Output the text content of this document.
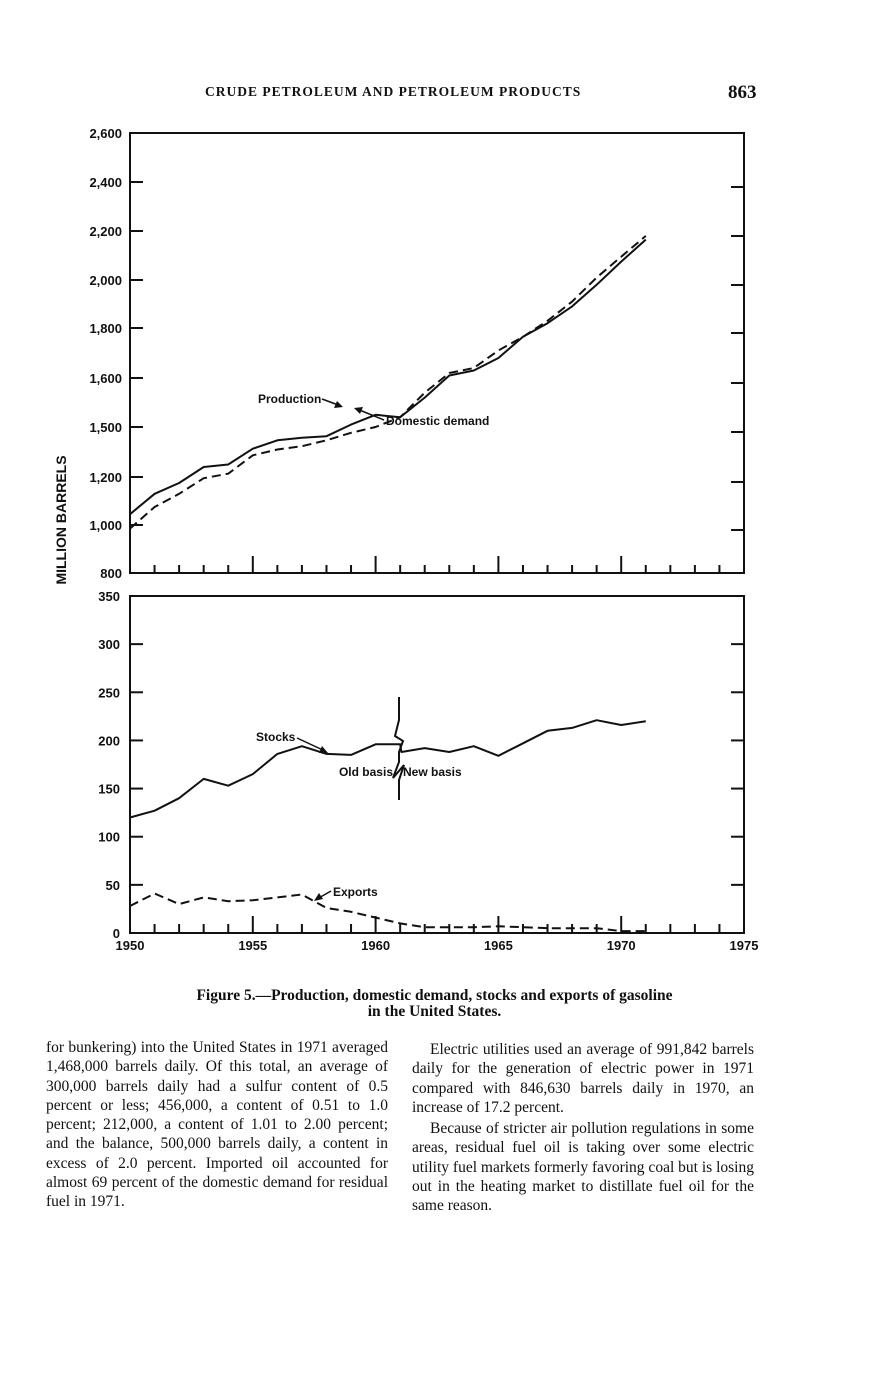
CRUDE PETROLEUM AND PETROLEUM PRODUCTS	863
2,600
2,400
2,200
2,000
1,800
1,600
1,500
1,200
1,000
800
350
300
250
200
150
100
50
0
1950	1955	1960	1965	1970	1975
Production
Domestic demand
Stocks
Old basis New basis
Exports
MILLION BARRELS
Figure 5.—Production, domestic demand, stocks and exports of gasoline
in the United States.

for bunkering) into the United States in 1971 averaged 1,468,000 barrels daily. Of this total, an average of 300,000 barrels daily had a sulfur content of 0.5 percent or less; 456,000, a content of 0.51 to 1.0 percent; 212,000, a content of 1.01 to 2.00 percent; and the balance, 500,000 barrels daily, a content in excess of 2.0 percent. Imported oil accounted for almost 69 percent of the domestic demand for residual fuel in 1971.

Electric utilities used an average of 991,842 barrels daily for the generation of electric power in 1971 compared with 846,630 barrels daily in 1970, an increase of 17.2 percent.

Because of stricter air pollution regulations in some areas, residual fuel oil is taking over some electric utility fuel markets formerly favoring coal but is losing out in the heating market to distillate fuel oil for the same reason.
